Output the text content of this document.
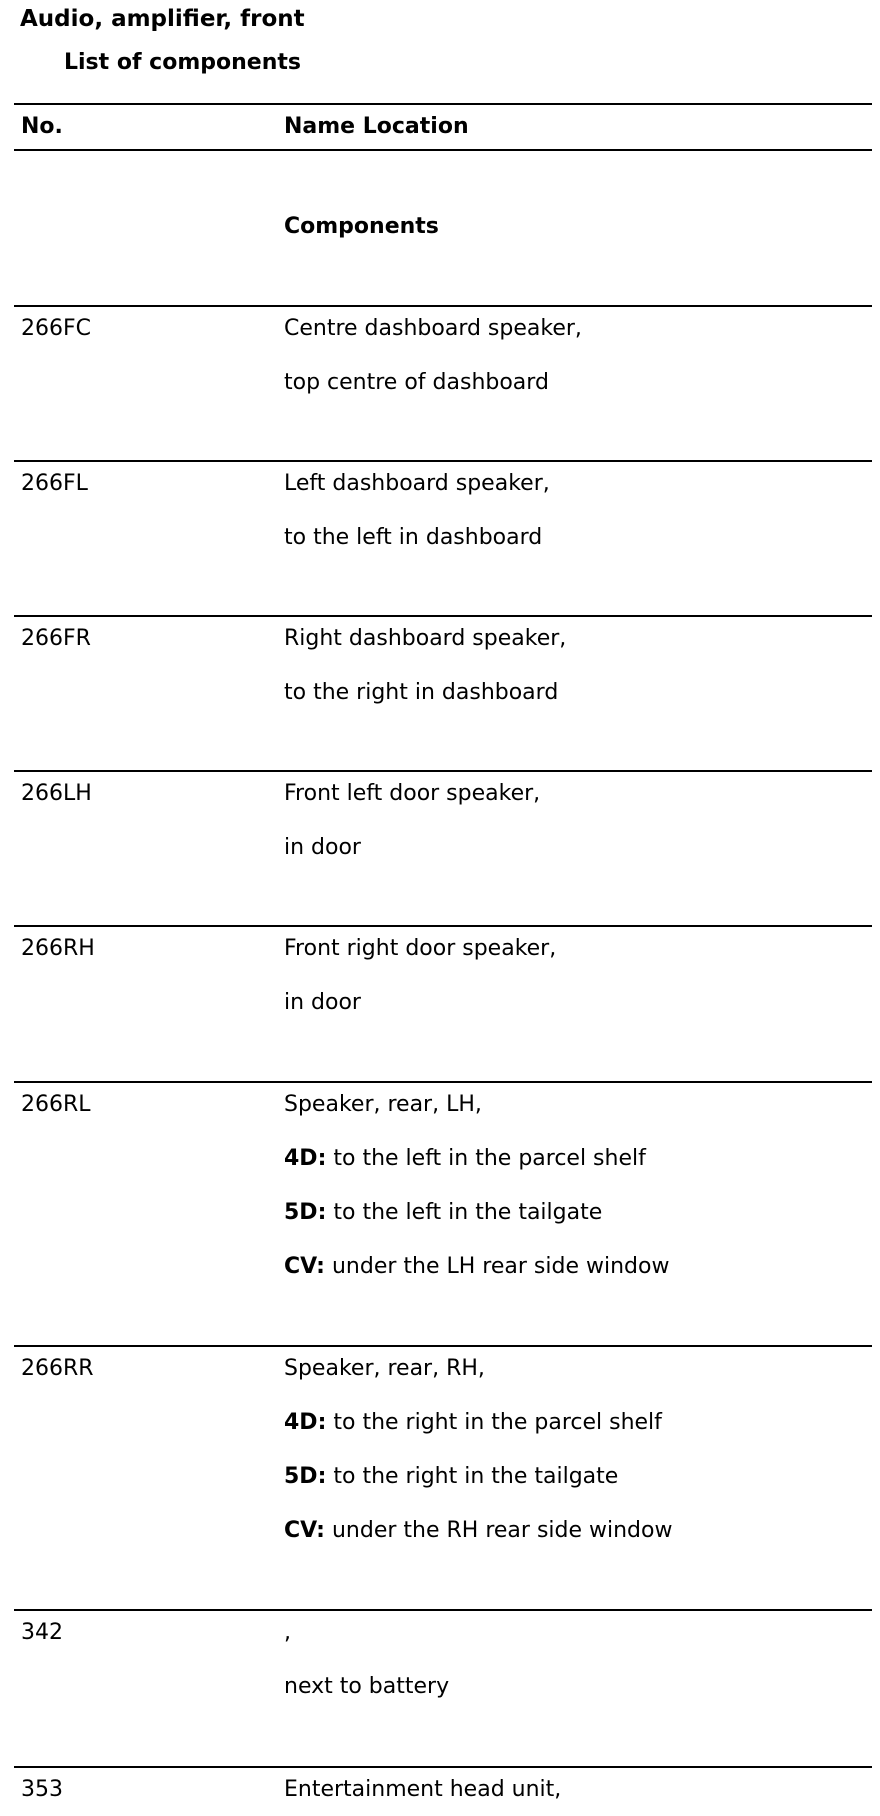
Audio, amplifier, front
List of components
No.	Name Location
Components
266FC	Centre dashboard speaker,
top centre of dashboard
266FL	Left dashboard speaker,
to the left in dashboard
266FR	Right dashboard speaker,
to the right in dashboard
266LH	Front left door speaker,
in door
266RH	Front right door speaker,
in door
266RL	Speaker, rear, LH,
4D: to the left in the parcel shelf
5D: to the left in the tailgate
CV: under the LH rear side window
266RR	Speaker, rear, RH,
4D: to the right in the parcel shelf
5D: to the right in the tailgate
CV: under the RH rear side window
342	,
next to battery
353	Entertainment head unit,
